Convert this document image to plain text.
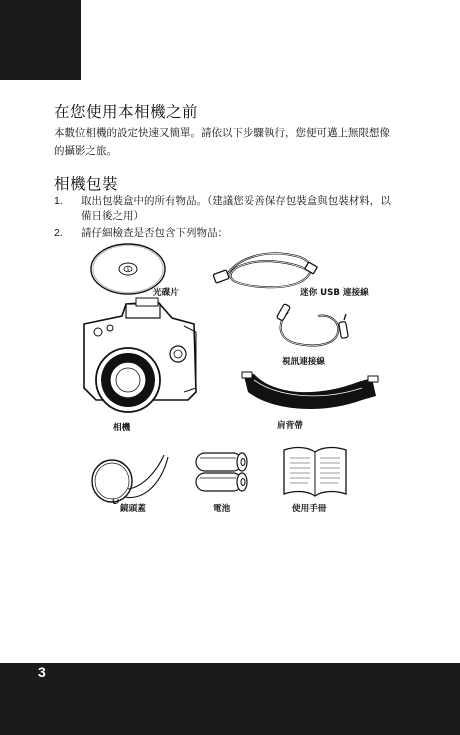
在您使用本相機之前
本數位相機的設定快速又簡單。請依以下步驟執行，您便可邁上無限想像的攝影之旅。
相機包裝
1. 取出包裝盒中的所有物品。（建議您妥善保存包裝盒與包裝材料，以備日後之用）
2. 請仔細檢查是否包含下列物品：
S
光碟片	迷你 USB 連接線
相機
視訊連接線
肩背帶
鏡頭蓋	電池	使用手冊
3
